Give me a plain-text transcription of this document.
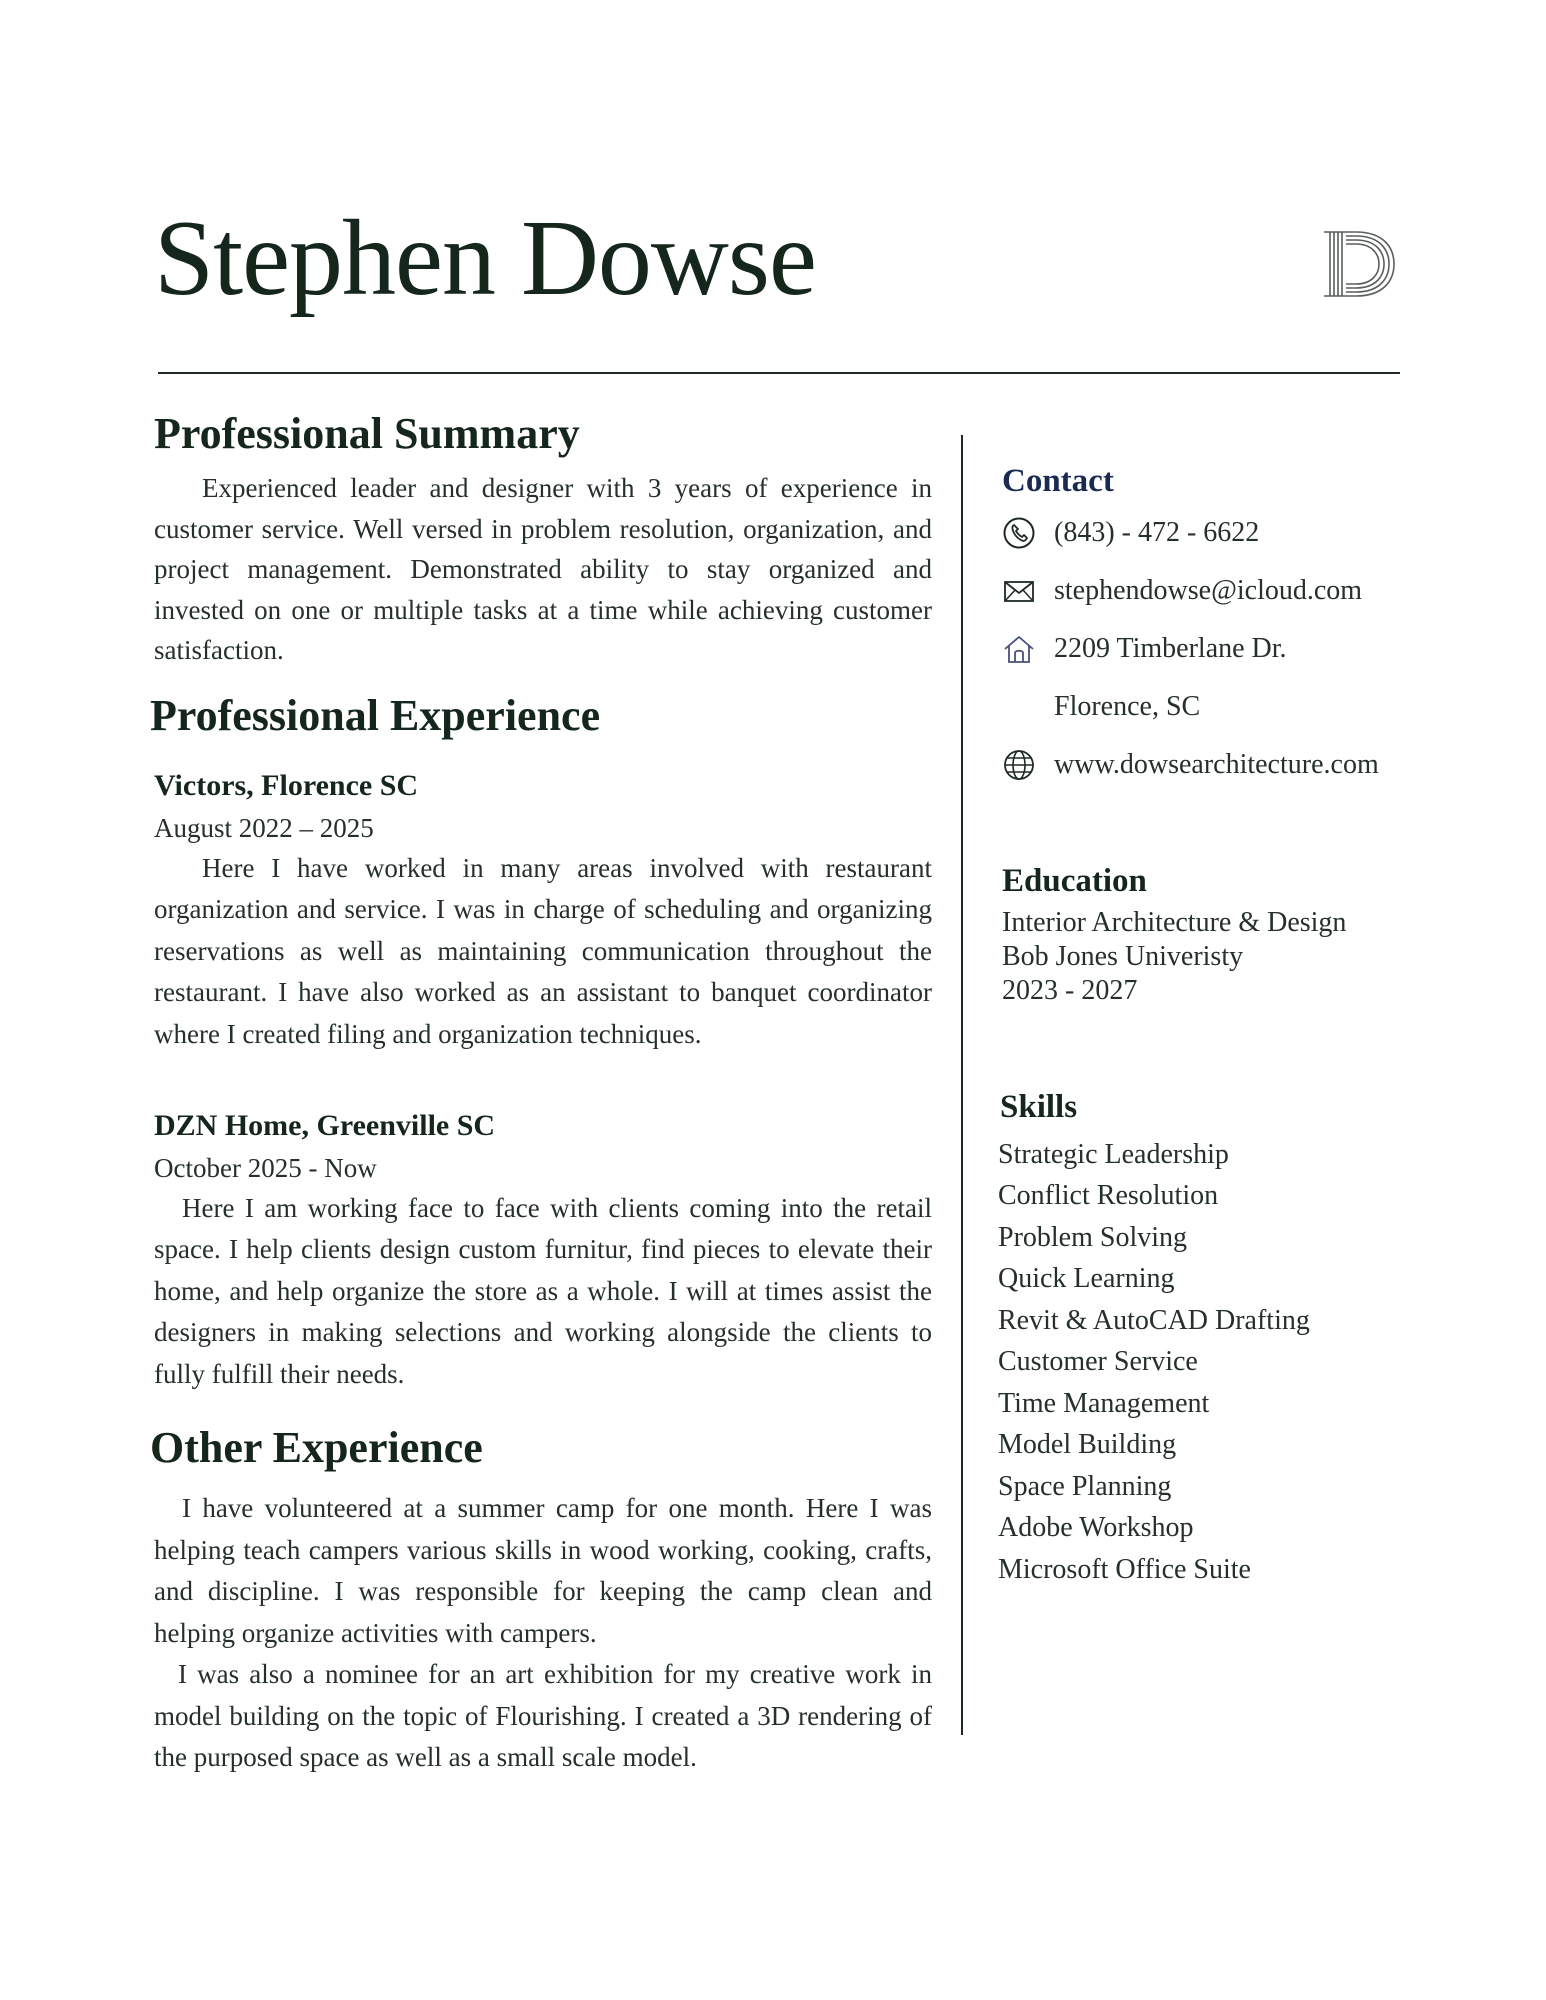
Stephen Dowse
Professional Summary

Experienced leader and designer with 3 years of experience in customer service. Well versed in problem resolution, organization, and project management. Demonstrated ability to stay organized and invested on one or multiple tasks at a time while achieving customer satisfaction.

Professional Experience

Victors, Florence SC

August 2022 – 2025

Here I have worked in many areas involved with restaurant organization and service. I was in charge of scheduling and organizing reservations as well as maintaining communication throughout the restaurant. I have also worked as an assistant to banquet coordinator where I created filing and organization techniques.

DZN Home, Greenville SC

October 2025 - Now

Here I am working face to face with clients coming into the retail space. I help clients design custom furnitur, find pieces to elevate their home, and help organize the store as a whole. I will at times assist the designers in making selections and working alongside the clients to fully fulfill their needs.

Other Experience

I have volunteered at a summer camp for one month. Here I was helping teach campers various skills in wood working, cooking, crafts, and discipline. I was responsible for keeping the camp clean and helping organize activities with campers.

I was also a nominee for an art exhibition for my creative work in model building on the topic of Flourishing. I created a 3D rendering of the purposed space as well as a small scale model.

Contact
(843) - 472 - 6622
stephendowse@icloud.com
2209 Timberlane Dr.
Florence, SC
www.dowsearchitecture.com
Education

Interior Architecture & Design

Bob Jones Univeristy

2023 - 2027

Skills

Strategic Leadership

Conflict Resolution

Problem Solving

Quick Learning

Revit & AutoCAD Drafting

Customer Service

Time Management

Model Building

Space Planning

Adobe Workshop

Microsoft Office Suite
